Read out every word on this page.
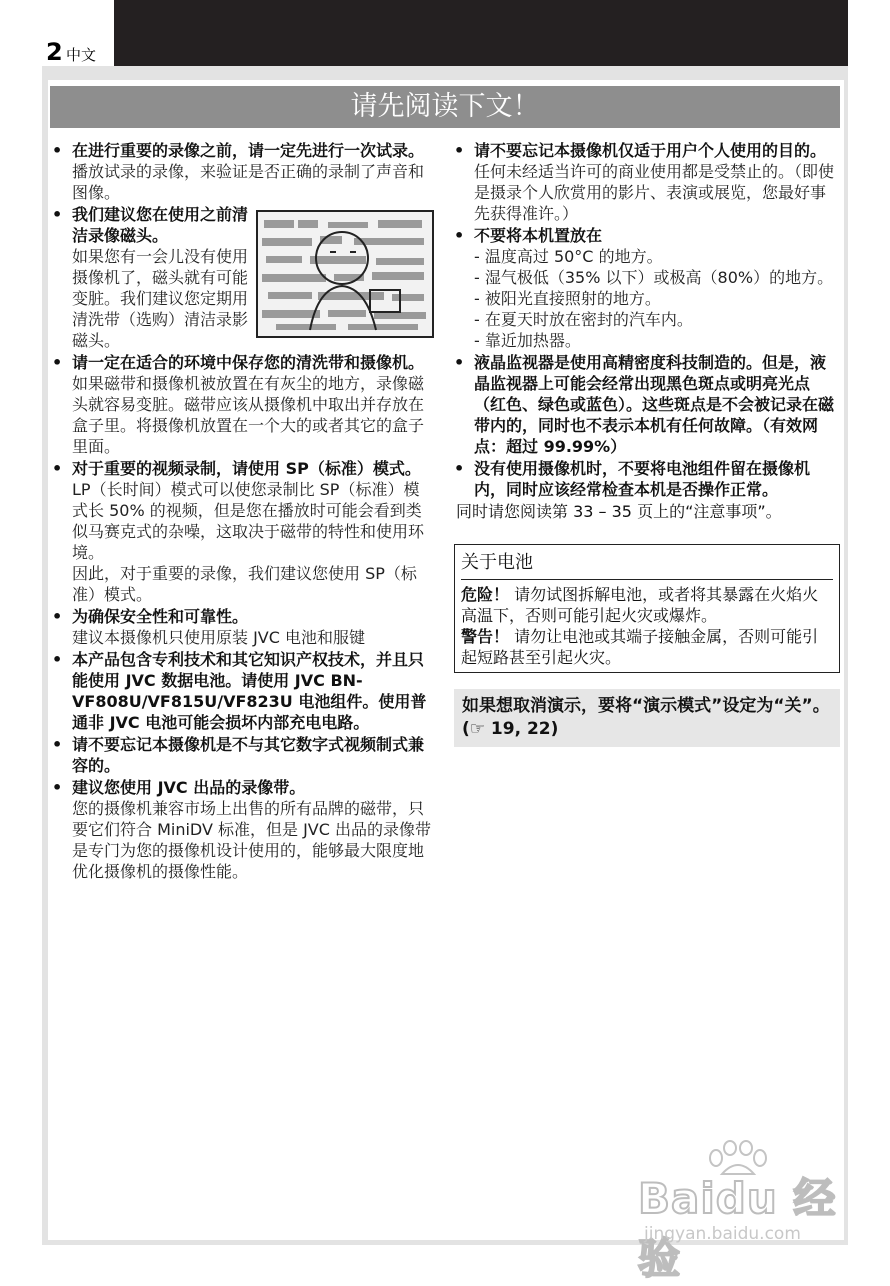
2 中文
请先阅读下文！
• 在进行重要的录像之前，请一定先进行一次试录。
播放试录的录像，来验证是否正确的录制了声音和图像。
• 我们建议您在使用之前清洁录像磁头。
如果您有一会儿没有使用摄像机了，磁头就有可能变脏。我们建议您定期用清洗带（选购）清洁录影磁头。
• 请一定在适合的环境中保存您的清洗带和摄像机。
如果磁带和摄像机被放置在有灰尘的地方，录像磁头就容易变脏。磁带应该从摄像机中取出并存放在盒子里。将摄像机放置在一个大的或者其它的盒子里面。
• 对于重要的视频录制，请使用 SP（标准）模式。
LP（长时间）模式可以使您录制比 SP（标准）模式长 50% 的视频，但是您在播放时可能会看到类似马赛克式的杂噪，这取决于磁带的特性和使用环境。
因此，对于重要的录像，我们建议您使用 SP（标准）模式。
• 为确保安全性和可靠性。
建议本摄像机只使用原装 JVC 电池和服键
• 本产品包含专利技术和其它知识产权技术，并且只能使用 JVC 数据电池。请使用 JVC BN-VF808U/VF815U/VF823U 电池组件。使用普通非 JVC 电池可能会损坏内部充电电路。
• 请不要忘记本摄像机是不与其它数字式视频制式兼容的。
• 建议您使用 JVC 出品的录像带。
您的摄像机兼容市场上出售的所有品牌的磁带，只要它们符合 MiniDV 标准，但是 JVC 出品的录像带是专门为您的摄像机设计使用的，能够最大限度地优化摄像机的摄像性能。
• 请不要忘记本摄像机仅适于用户个人使用的目的。
任何未经适当许可的商业使用都是受禁止的。（即使是摄录个人欣赏用的影片、表演或展览，您最好事先获得准许。）
• 不要将本机置放在
- 温度高过 50°C 的地方。
- 湿气极低（35% 以下）或极高（80%）的地方。
- 被阳光直接照射的地方。
- 在夏天时放在密封的汽车内。
- 靠近加热器。
• 液晶监视器是使用高精密度科技制造的。但是，液晶监视器上可能会经常出现黑色斑点或明亮光点（红色、绿色或蓝色）。这些斑点是不会被记录在磁带内的，同时也不表示本机有任何故障。（有效网点：超过 99.99%）
• 没有使用摄像机时，不要将电池组件留在摄像机内，同时应该经常检查本机是否操作正常。

同时请您阅读第 33 – 35 页上的“注意事项”。

关于电池

危险！ 请勿试图拆解电池，或者将其暴露在火焰火高温下，否则可能引起火灾或爆炸。

警告！ 请勿让电池或其端子接触金属，否则可能引起短路甚至引起火灾。

如果想取消演示，要将“演示模式”设定为“关”。(☞ 19, 22)
Baidu 经验
jingyan.baidu.com
